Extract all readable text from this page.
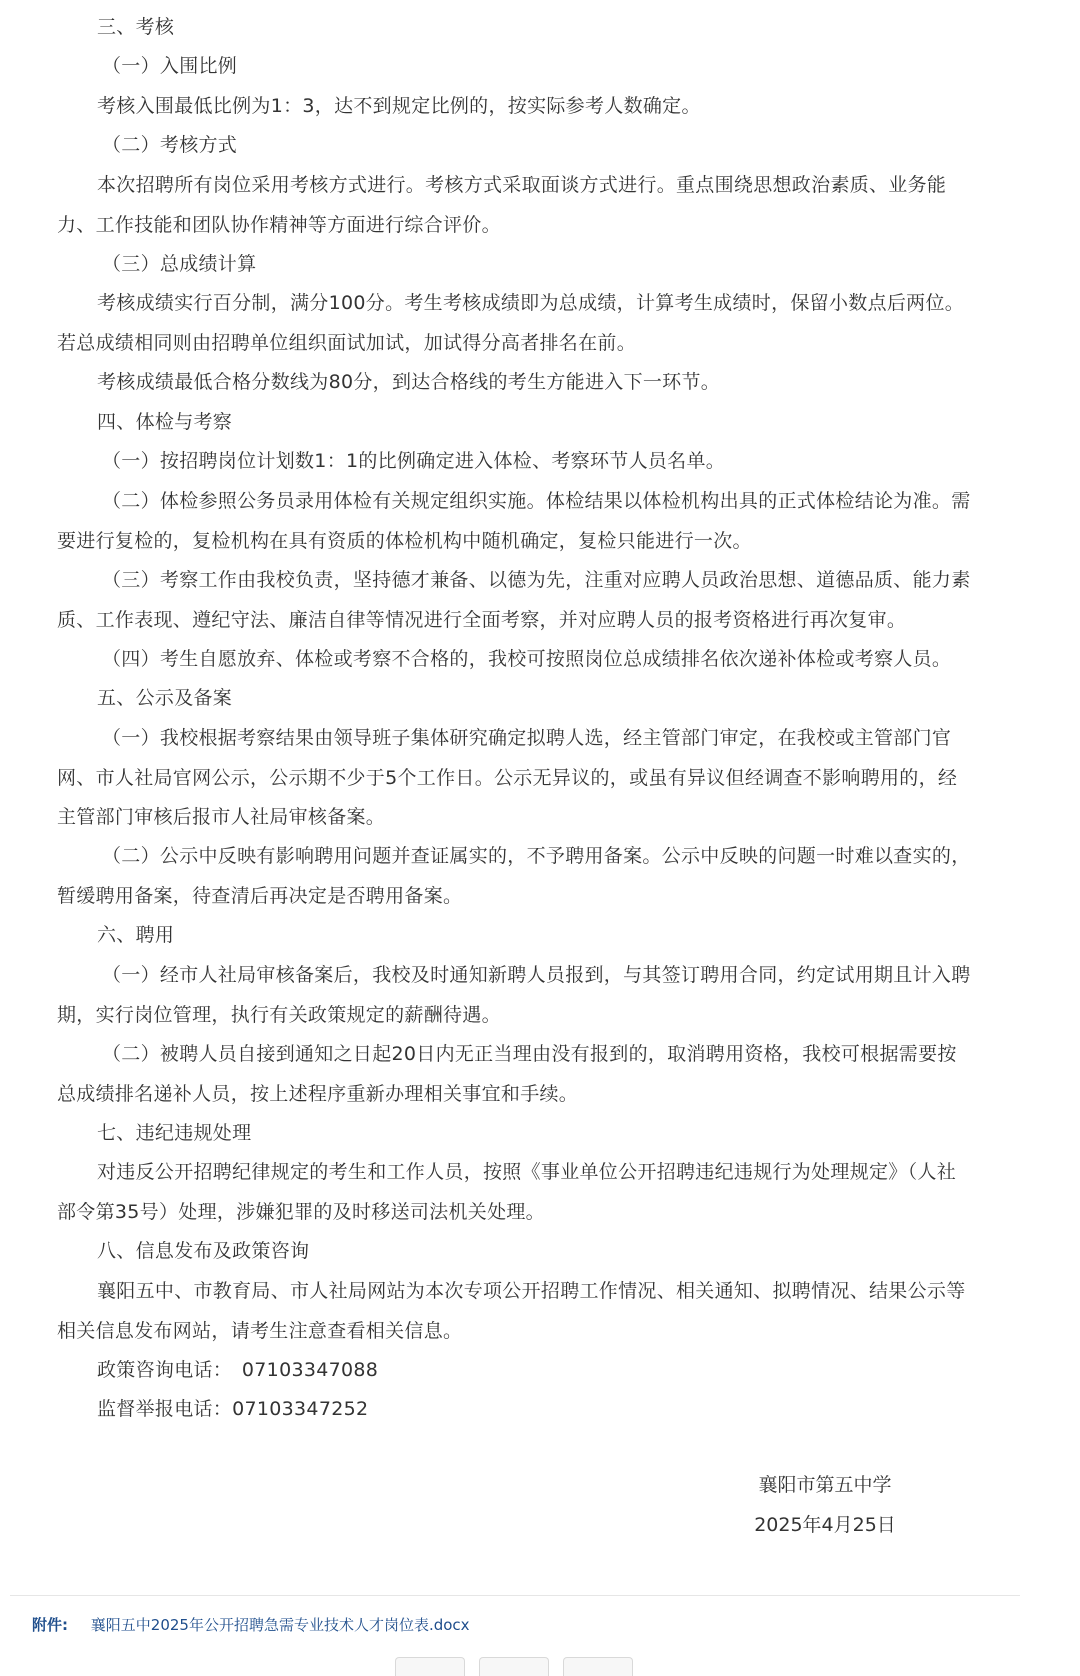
三、考核

（一）入围比例

考核入围最低比例为1：3，达不到规定比例的，按实际参考人数确定。

（二）考核方式

本次招聘所有岗位采用考核方式进行。考核方式采取面谈方式进行。重点围绕思想政治素质、业务能力、工作技能和团队协作精神等方面进行综合评价。

（三）总成绩计算

考核成绩实行百分制，满分100分。考生考核成绩即为总成绩，计算考生成绩时，保留小数点后两位。若总成绩相同则由招聘单位组织面试加试，加试得分高者排名在前。

考核成绩最低合格分数线为80分，到达合格线的考生方能进入下一环节。

四、体检与考察

（一）按招聘岗位计划数1：1的比例确定进入体检、考察环节人员名单。

（二）体检参照公务员录用体检有关规定组织实施。体检结果以体检机构出具的正式体检结论为准。需要进行复检的，复检机构在具有资质的体检机构中随机确定，复检只能进行一次。

（三）考察工作由我校负责，坚持德才兼备、以德为先，注重对应聘人员政治思想、道德品质、能力素质、工作表现、遵纪守法、廉洁自律等情况进行全面考察，并对应聘人员的报考资格进行再次复审。

（四）考生自愿放弃、体检或考察不合格的，我校可按照岗位总成绩排名依次递补体检或考察人员。

五、公示及备案

（一）我校根据考察结果由领导班子集体研究确定拟聘人选，经主管部门审定，在我校或主管部门官网、市人社局官网公示，公示期不少于5个工作日。公示无异议的，或虽有异议但经调查不影响聘用的，经主管部门审核后报市人社局审核备案。

（二）公示中反映有影响聘用问题并查证属实的，不予聘用备案。公示中反映的问题一时难以查实的，暂缓聘用备案，待查清后再决定是否聘用备案。

六、聘用

（一）经市人社局审核备案后，我校及时通知新聘人员报到，与其签订聘用合同，约定试用期且计入聘期，实行岗位管理，执行有关政策规定的薪酬待遇。

（二）被聘人员自接到通知之日起20日内无正当理由没有报到的，取消聘用资格，我校可根据需要按总成绩排名递补人员，按上述程序重新办理相关事宜和手续。

七、违纪违规处理

对违反公开招聘纪律规定的考生和工作人员，按照《事业单位公开招聘违纪违规行为处理规定》（人社部令第35号）处理，涉嫌犯罪的及时移送司法机关处理。

八、信息发布及政策咨询

襄阳五中、市教育局、市人社局网站为本次专项公开招聘工作情况、相关通知、拟聘情况、结果公示等相关信息发布网站，请考生注意查看相关信息。

政策咨询电话：　07103347088

监督举报电话：07103347252

襄阳市第五中学
2025年4月25日
附件: 襄阳五中2025年公开招聘急需专业技术人才岗位表.docx
